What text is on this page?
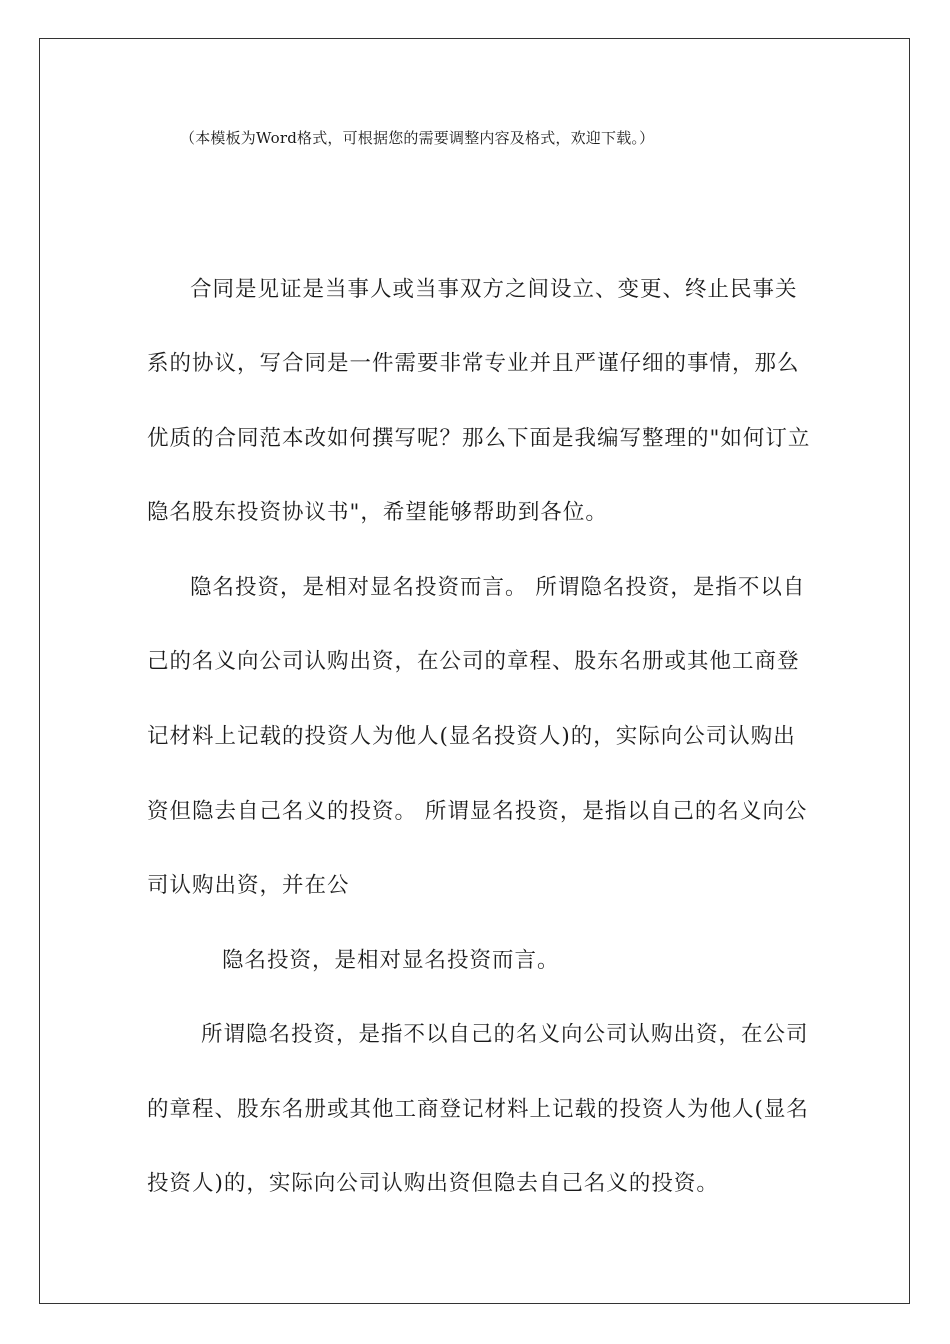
（本模板为Word格式，可根据您的需要调整内容及格式，欢迎下载。）
合同是见证是当事人或当事双方之间设立、变更、终止民事关
系的协议，写合同是一件需要非常专业并且严谨仔细的事情，那么
优质的合同范本改如何撰写呢？那么下面是我编写整理的"如何订立
隐名股东投资协议书"，希望能够帮助到各位。
隐名投资，是相对显名投资而言。 所谓隐名投资，是指不以自
己的名义向公司认购出资，在公司的章程、股东名册或其他工商登
记材料上记载的投资人为他人(显名投资人)的，实际向公司认购出
资但隐去自己名义的投资。 所谓显名投资，是指以自己的名义向公
司认购出资，并在公
隐名投资，是相对显名投资而言。
所谓隐名投资，是指不以自己的名义向公司认购出资，在公司
的章程、股东名册或其他工商登记材料上记载的投资人为他人(显名
投资人)的，实际向公司认购出资但隐去自己名义的投资。
